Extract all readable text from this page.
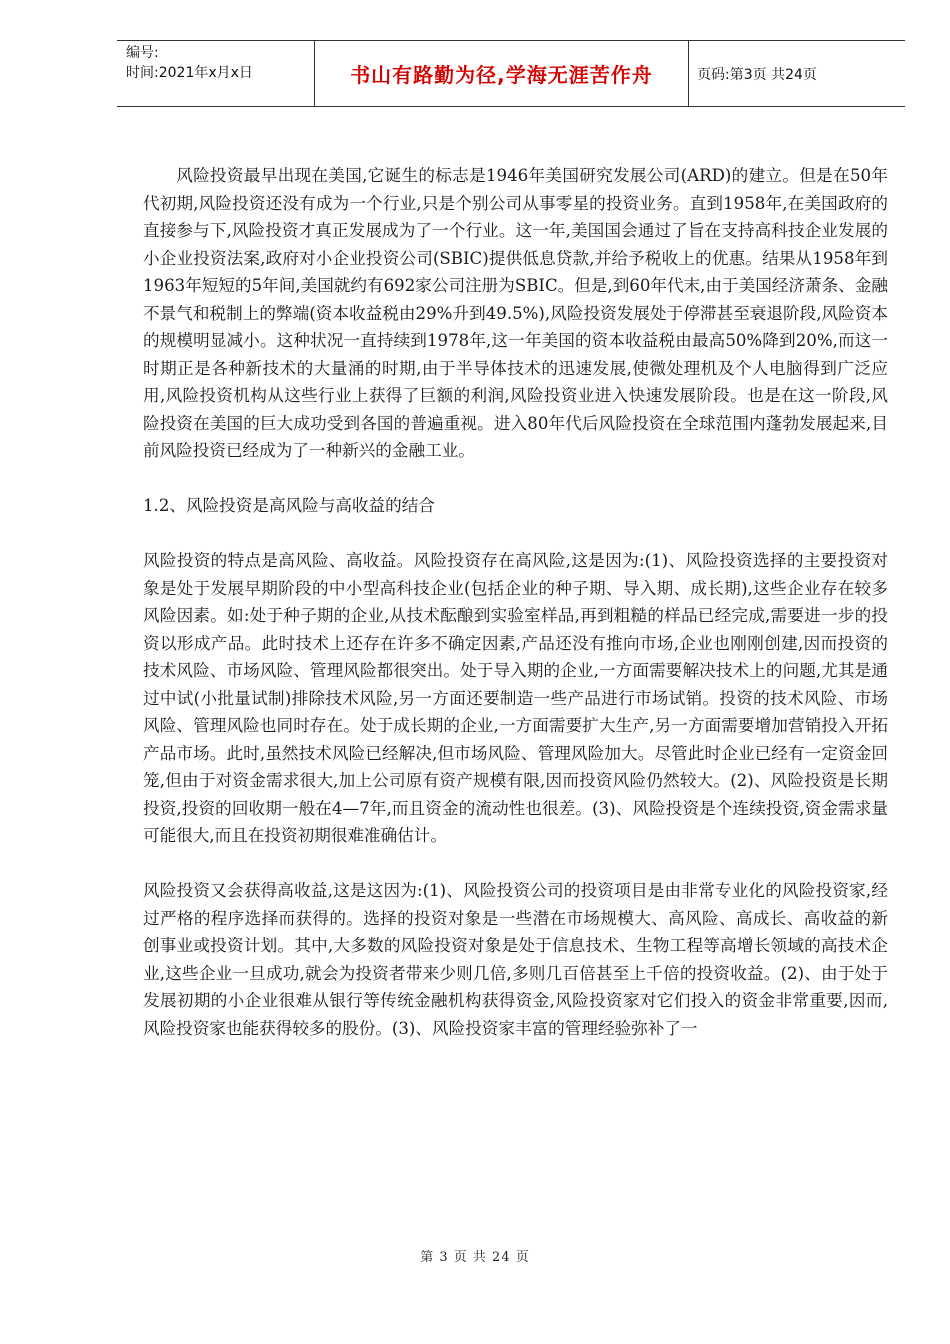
编号:
时间:2021年x月x日	书山有路勤为径,学海无涯苦作舟	页码:第3页 共24页

风险投资最早出现在美国,它诞生的标志是1946年美国研究发展公司(ARD)的建立。但是在50年代初期,风险投资还没有成为一个行业,只是个别公司从事零星的投资业务。直到1958年,在美国政府的直接参与下,风险投资才真正发展成为了一个行业。这一年,美国国会通过了旨在支持高科技企业发展的小企业投资法案,政府对小企业投资公司(SBIC)提供低息贷款,并给予税收上的优惠。结果从1958年到1963年短短的5年间,美国就约有692家公司注册为SBIC。但是,到60年代末,由于美国经济萧条、金融不景气和税制上的弊端(资本收益税由29%升到49.5%),风险投资发展处于停滞甚至衰退阶段,风险资本的规模明显减小。这种状况一直持续到1978年,这一年美国的资本收益税由最高50%降到20%,而这一时期正是各种新技术的大量涌的时期,由于半导体技术的迅速发展,使微处理机及个人电脑得到广泛应用,风险投资机构从这些行业上获得了巨额的利润,风险投资业进入快速发展阶段。也是在这一阶段,风险投资在美国的巨大成功受到各国的普遍重视。进入80年代后风险投资在全球范围内蓬勃发展起来,目前风险投资已经成为了一种新兴的金融工业。

1.2、风险投资是高风险与高收益的结合

风险投资的特点是高风险、高收益。风险投资存在高风险,这是因为:(1)、风险投资选择的主要投资对象是处于发展早期阶段的中小型高科技企业(包括企业的种子期、导入期、成长期),这些企业存在较多风险因素。如:处于种子期的企业,从技术酝酿到实验室样品,再到粗糙的样品已经完成,需要进一步的投资以形成产品。此时技术上还存在许多不确定因素,产品还没有推向市场,企业也刚刚创建,因而投资的技术风险、市场风险、管理风险都很突出。处于导入期的企业,一方面需要解决技术上的问题,尤其是通过中试(小批量试制)排除技术风险,另一方面还要制造一些产品进行市场试销。投资的技术风险、市场风险、管理风险也同时存在。处于成长期的企业,一方面需要扩大生产,另一方面需要增加营销投入开拓产品市场。此时,虽然技术风险已经解决,但市场风险、管理风险加大。尽管此时企业已经有一定资金回笼,但由于对资金需求很大,加上公司原有资产规模有限,因而投资风险仍然较大。(2)、风险投资是长期投资,投资的回收期一般在4—7年,而且资金的流动性也很差。(3)、风险投资是个连续投资,资金需求量可能很大,而且在投资初期很难准确估计。

风险投资又会获得高收益,这是这因为:(1)、风险投资公司的投资项目是由非常专业化的风险投资家,经过严格的程序选择而获得的。选择的投资对象是一些潜在市场规模大、高风险、高成长、高收益的新创事业或投资计划。其中,大多数的风险投资对象是处于信息技术、生物工程等高增长领域的高技术企业,这些企业一旦成功,就会为投资者带来少则几倍,多则几百倍甚至上千倍的投资收益。(2)、由于处于发展初期的小企业很难从银行等传统金融机构获得资金,风险投资家对它们投入的资金非常重要,因而,风险投资家也能获得较多的股份。(3)、风险投资家丰富的管理经验弥补了一

第 3 页 共 24 页
